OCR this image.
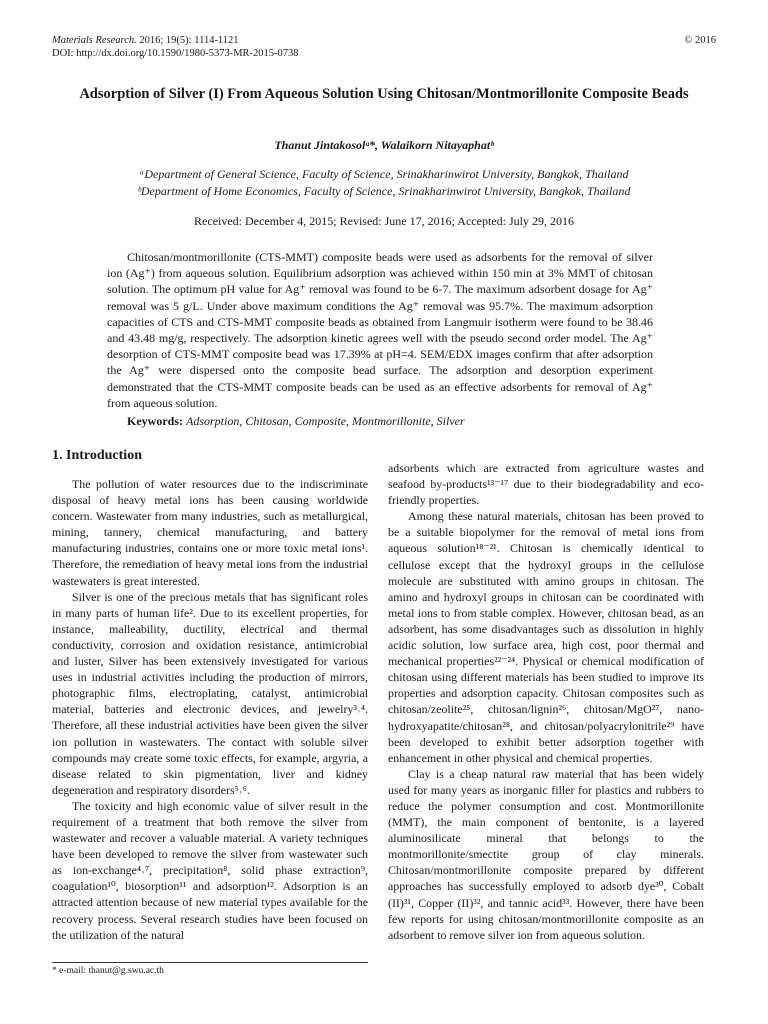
Materials Research. 2016; 19(5): 1114-1121
DOI: http://dx.doi.org/10.1590/1980-5373-MR-2015-0738
© 2016
Adsorption of Silver (I) From Aqueous Solution Using Chitosan/Montmorillonite Composite Beads
Thanut Jintakosolᵃ*, Walaikorn Nitayaphatᵇ
ᵃDepartment of General Science, Faculty of Science, Srinakharinwirot University, Bangkok, Thailand
ᵇDepartment of Home Economics, Faculty of Science, Srinakharinwirot University, Bangkok, Thailand
Received: December 4, 2015; Revised: June 17, 2016; Accepted: July 29, 2016

Chitosan/montmorillonite (CTS-MMT) composite beads were used as adsorbents for the removal of silver ion (Ag⁺) from aqueous solution. Equilibrium adsorption was achieved within 150 min at 3% MMT of chitosan solution. The optimum pH value for Ag⁺ removal was found to be 6-7. The maximum adsorbent dosage for Ag⁺ removal was 5 g/L. Under above maximum conditions the Ag⁺ removal was 95.7%. The maximum adsorption capacities of CTS and CTS-MMT composite beads as obtained from Langmuir isotherm were found to be 38.46 and 43.48 mg/g, respectively. The adsorption kinetic agrees well with the pseudo second order model. The Ag⁺ desorption of CTS-MMT composite bead was 17.39% at pH=4. SEM/EDX images confirm that after adsorption the Ag⁺ were dispersed onto the composite bead surface. The adsorption and desorption experiment demonstrated that the CTS-MMT composite beads can be used as an effective adsorbents for removal of Ag⁺ from aqueous solution.

Keywords: Adsorption, Chitosan, Composite, Montmorillonite, Silver
1. Introduction

The pollution of water resources due to the indiscriminate disposal of heavy metal ions has been causing worldwide concern. Wastewater from many industries, such as metallurgical, mining, tannery, chemical manufacturing, and battery manufacturing industries, contains one or more toxic metal ions¹. Therefore, the remediation of heavy metal ions from the industrial wastewaters is great interested.

Silver is one of the precious metals that has significant roles in many parts of human life². Due to its excellent properties, for instance, malleability, ductility, electrical and thermal conductivity, corrosion and oxidation resistance, antimicrobial and luster, Silver has been extensively investigated for various uses in industrial activities including the production of mirrors, photographic films, electroplating, catalyst, antimicrobial material, batteries and electronic devices, and jewelry³˒⁴. Therefore, all these industrial activities have been given the silver ion pollution in wastewaters. The contact with soluble silver compounds may create some toxic effects, for example, argyria, a disease related to skin pigmentation, liver and kidney degeneration and respiratory disorders⁵˒⁶.

The toxicity and high economic value of silver result in the requirement of a treatment that both remove the silver from wastewater and recover a valuable material. A variety techniques have been developed to remove the silver from wastewater such as ion-exchange⁴˒⁷, precipitation⁸, solid phase extraction⁹, coagulation¹⁰, biosorption¹¹ and adsorption¹². Adsorption is an attracted attention because of new material types available for the recovery process. Several research studies have been focused on the utilization of the natural

adsorbents which are extracted from agriculture wastes and seafood by-products¹³⁻¹⁷ due to their biodegradability and eco-friendly properties.

Among these natural materials, chitosan has been proved to be a suitable biopolymer for the removal of metal ions from aqueous solution¹⁸⁻²¹. Chitosan is chemically identical to cellulose except that the hydroxyl groups in the cellulose molecule are substituted with amino groups in chitosan. The amino and hydroxyl groups in chitosan can be coordinated with metal ions to from stable complex. However, chitosan bead, as an adsorbent, has some disadvantages such as dissolution in highly acidic solution, low surface area, high cost, poor thermal and mechanical properties²²⁻²⁴. Physical or chemical modification of chitosan using different materials has been studied to improve its properties and adsorption capacity. Chitosan composites such as chitosan/zeolite²⁵, chitosan/lignin²⁶, chitosan/MgO²⁷, nano-hydroxyapatite/chitosan²⁸, and chitosan/polyacrylonitrile²⁹ have been developed to exhibit better adsorption together with enhancement in other physical and chemical properties.

Clay is a cheap natural raw material that has been widely used for many years as inorganic filler for plastics and rubbers to reduce the polymer consumption and cost. Montmorillonite (MMT), the main component of bentonite, is a layered aluminosilicate mineral that belongs to the montmorillonite/smectite group of clay minerals. Chitosan/montmorillonite composite prepared by different approaches has successfully employed to adsorb dye³⁰, Cobalt (II)³¹, Copper (II)³², and tannic acid³³. However, there have been few reports for using chitosan/montmorillonite composite as an adsorbent to remove silver ion from aqueous solution.

* e-mail: thanut@g.swu.ac.th
